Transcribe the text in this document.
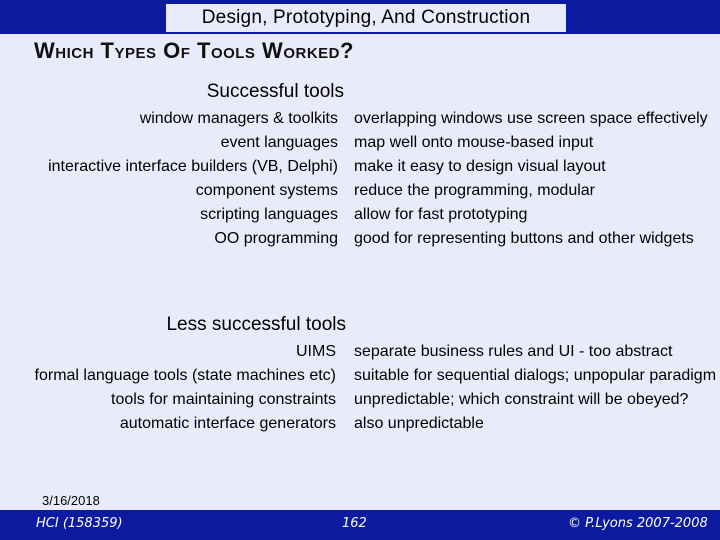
Design, Prototyping, And Construction
Which Types Of Tools Worked?
Successful tools
window managers & toolkits
event languages
interactive interface builders (VB, Delphi)
component systems
scripting languages
OO programming
overlapping windows use screen space effectively
map well onto mouse-based input
make it easy to design visual layout
reduce the programming, modular
allow for fast prototyping
good for representing buttons and other widgets
Less successful tools
UIMS
formal language tools (state machines etc)
tools for maintaining constraints
automatic interface generators
separate business rules and UI - too abstract
suitable for sequential dialogs; unpopular paradigm
unpredictable; which constraint will be obeyed?
also unpredictable
3/16/2018
HCI (158359)	162	© P.Lyons 2007-2008
